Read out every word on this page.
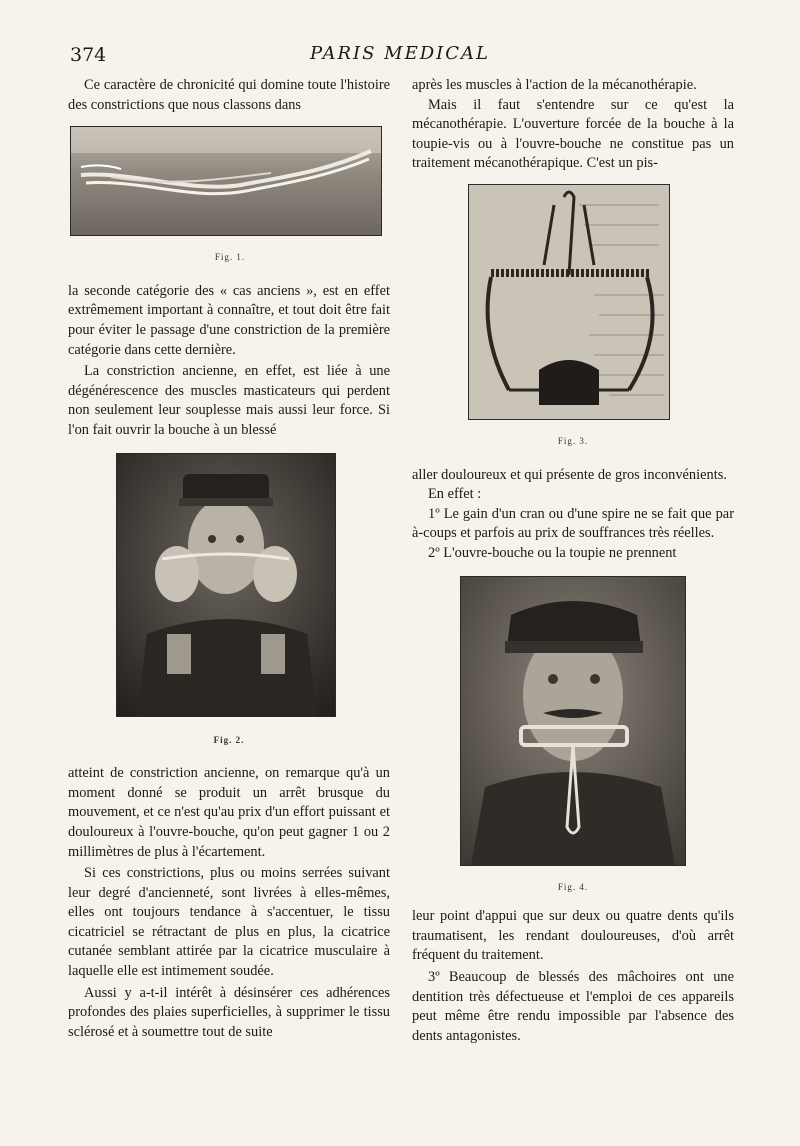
374	PARIS MEDICAL

Ce caractère de chronicité qui domine toute l'histoire des constrictions que nous classons dans

Fig. 1.

la seconde catégorie des « cas anciens », est en effet extrêmement important à connaître, et tout doit être fait pour éviter le passage d'une constriction de la première catégorie dans cette dernière.

La constriction ancienne, en effet, est liée à une dégénérescence des muscles masticateurs qui perdent non seulement leur souplesse mais aussi leur force. Si l'on fait ouvrir la bouche à un blessé

Fig. 2.

atteint de constriction ancienne, on remarque qu'à un moment donné se produit un arrêt brusque du mouvement, et ce n'est qu'au prix d'un effort puissant et douloureux à l'ouvre-bouche, qu'on peut gagner 1 ou 2 millimètres de plus à l'écartement.

Si ces constrictions, plus ou moins serrées suivant leur degré d'ancienneté, sont livrées à elles-mêmes, elles ont toujours tendance à s'accentuer, le tissu cicatriciel se rétractant de plus en plus, la cicatrice cutanée semblant attirée par la cicatrice musculaire à laquelle elle est intimement soudée.

Aussi y a-t-il intérêt à désinsérer ces adhérences profondes des plaies superficielles, à supprimer le tissu sclérosé et à soumettre tout de suite

après les muscles à l'action de la mécanothérapie.

Mais il faut s'entendre sur ce qu'est la mécanothérapie. L'ouverture forcée de la bouche à la toupie-vis ou à l'ouvre-bouche ne constitue pas un traitement mécanothérapique. C'est un pis-

Fig. 3.

aller douloureux et qui présente de gros inconvénients.

En effet :

1º Le gain d'un cran ou d'une spire ne se fait que par à-coups et parfois au prix de souffrances très réelles.

2º L'ouvre-bouche ou la toupie ne prennent

Fig. 4.

leur point d'appui que sur deux ou quatre dents qu'ils traumatisent, les rendant douloureuses, d'où arrêt fréquent du traitement.

3º Beaucoup de blessés des mâchoires ont une dentition très défectueuse et l'emploi de ces appareils peut même être rendu impossible par l'absence des dents antagonistes.
